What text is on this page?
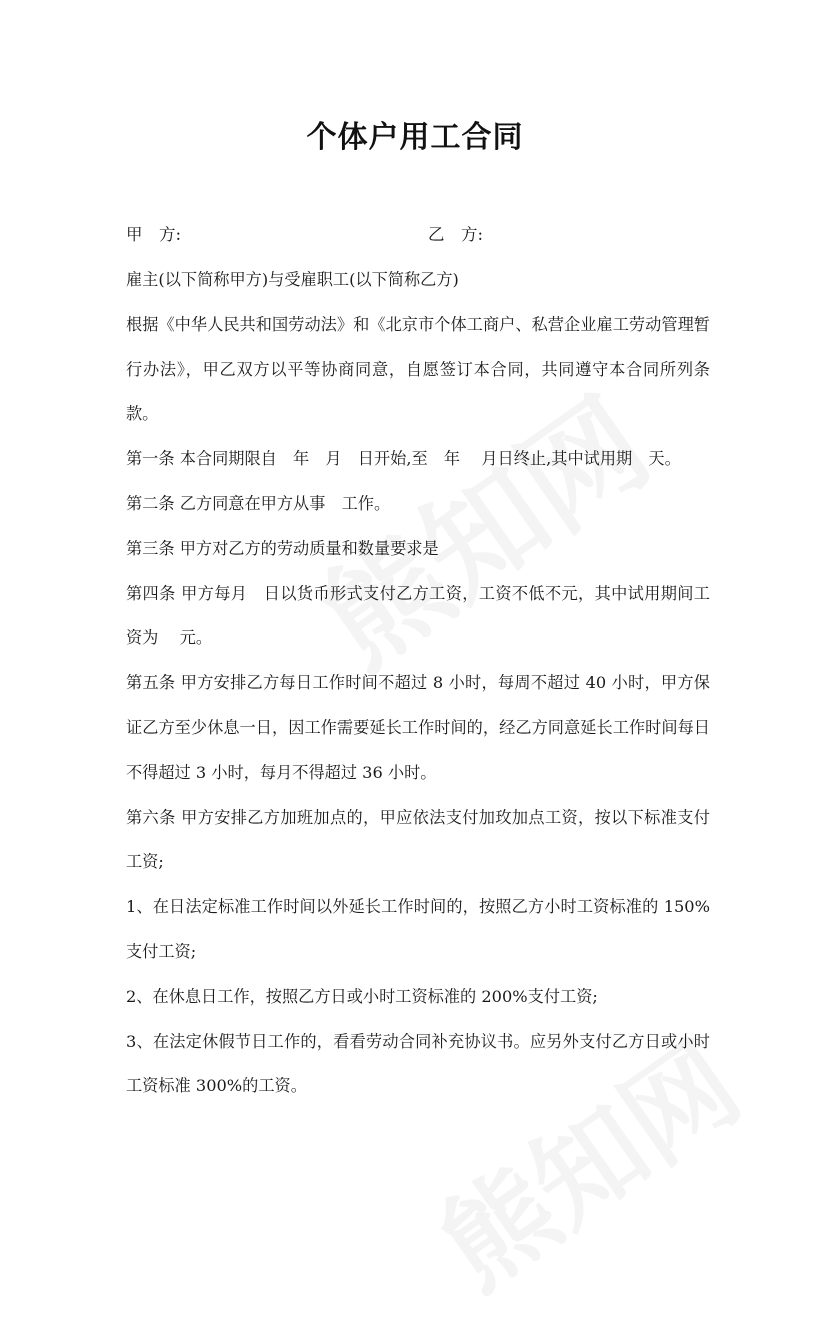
个体户用工合同
甲　方:	乙　方:

雇主(以下简称甲方)与受雇职工(以下简称乙方)

根据《中华人民共和国劳动法》和《北京市个体工商户、私营企业雇工劳动管理暂行办法》，甲乙双方以平等协商同意，自愿签订本合同，共同遵守本合同所列条款。

第一条 本合同期限自　年　月　日开始,至　年　 月日终止,其中试用期　天。

第二条 乙方同意在甲方从事　工作。

第三条 甲方对乙方的劳动质量和数量要求是

第四条 甲方每月　日以货币形式支付乙方工资，工资不低不元，其中试用期间工资为　 元。

第五条 甲方安排乙方每日工作时间不超过 8 小时，每周不超过 40 小时，甲方保证乙方至少休息一日，因工作需要延长工作时间的，经乙方同意延长工作时间每日不得超过 3 小时，每月不得超过 36 小时。

第六条 甲方安排乙方加班加点的，甲应依法支付加玫加点工资，按以下标准支付工资;

1、在日法定标准工作时间以外延长工作时间的，按照乙方小时工资标准的 150%支付工资;

2、在休息日工作，按照乙方日或小时工资标准的 200%支付工资;

3、在法定休假节日工作的，看看劳动合同补充协议书。应另外支付乙方日或小时工资标准 300%的工资。
